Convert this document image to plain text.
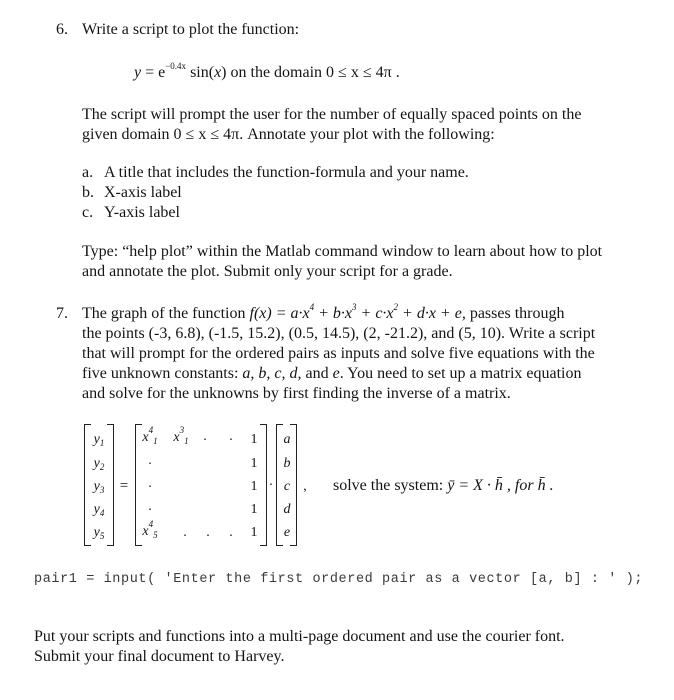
6. Write a script to plot the function:
$y = e^{-0.4x}$ sin(x) on the domain 0 ≤ x ≤ 4π .
The script will prompt the user for the number of equally spaced points on the
given domain 0 ≤ x ≤ 4π. Annotate your plot with the following:
a. A title that includes the function-formula and your name.
b. X-axis label
c. Y-axis label
Type: “help plot” within the Matlab command window to learn about how to plot
and annotate the plot. Submit only your script for a grade.
7. The graph of the function $f(x) = a\cdot x^4 + b\cdot x^3 + c\cdot x^2 + d\cdot x + e$, passes through
the points (-3, 6.8), (-1.5, 15.2), (0.5, 14.5), (2, -21.2), and (5, 10). Write a script
that will prompt for the ordered pairs as inputs and solve five equations with the
five unknown constants: a, b, c, d, and e. You need to set up a matrix equation
and solve for the unknowns by first finding the inverse of a matrix.
$y_1$
$y_2$
$y_3$
$y_4$
$y_5$
=
$x^4_1$ $x^3_1$ . .
.
.
.
$x^4_5$ . . .
1
1
1
1
1
·
a
b
c
d
e
, solve the system: ȳ = X · h̄ , for h̄ .
pair1 = input( 'Enter the first ordered pair as a vector [a, b] : ' );
Put your scripts and functions into a multi-page document and use the courier font.
Submit your final document to Harvey.
